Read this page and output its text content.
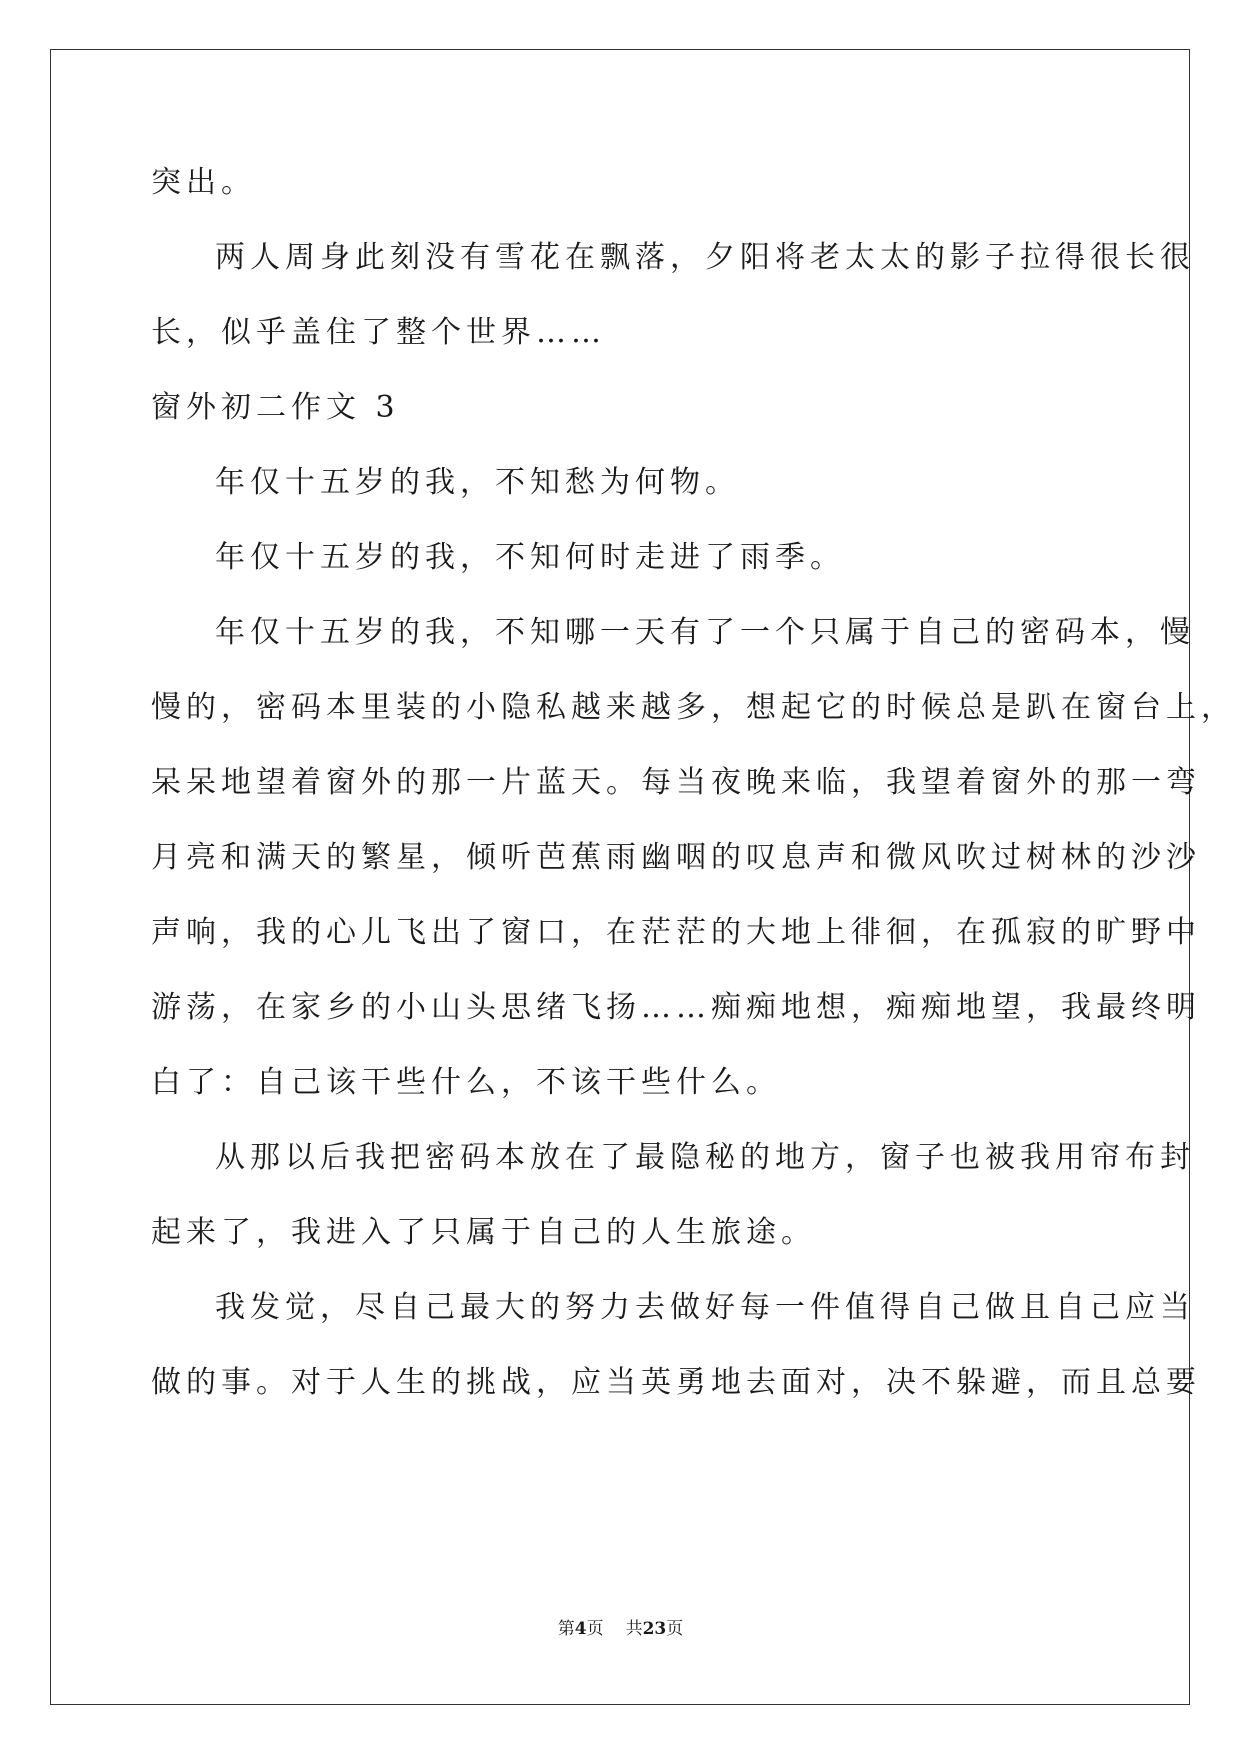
突出。
两人周身此刻没有雪花在飘落，夕阳将老太太的影子拉得很长很
长，似乎盖住了整个世界……
窗外初二作文 3
年仅十五岁的我，不知愁为何物。
年仅十五岁的我，不知何时走进了雨季。
年仅十五岁的我，不知哪一天有了一个只属于自己的密码本，慢
慢的，密码本里装的小隐私越来越多，想起它的时候总是趴在窗台上，
呆呆地望着窗外的那一片蓝天。每当夜晚来临，我望着窗外的那一弯
月亮和满天的繁星，倾听芭蕉雨幽咽的叹息声和微风吹过树林的沙沙
声响，我的心儿飞出了窗口，在茫茫的大地上徘徊，在孤寂的旷野中
游荡，在家乡的小山头思绪飞扬……痴痴地想，痴痴地望，我最终明
白了：自己该干些什么，不该干些什么。
从那以后我把密码本放在了最隐秘的地方，窗子也被我用帘布封
起来了，我进入了只属于自己的人生旅途。
我发觉，尽自己最大的努力去做好每一件值得自己做且自己应当
做的事。对于人生的挑战，应当英勇地去面对，决不躲避，而且总要
第4页 共23页
